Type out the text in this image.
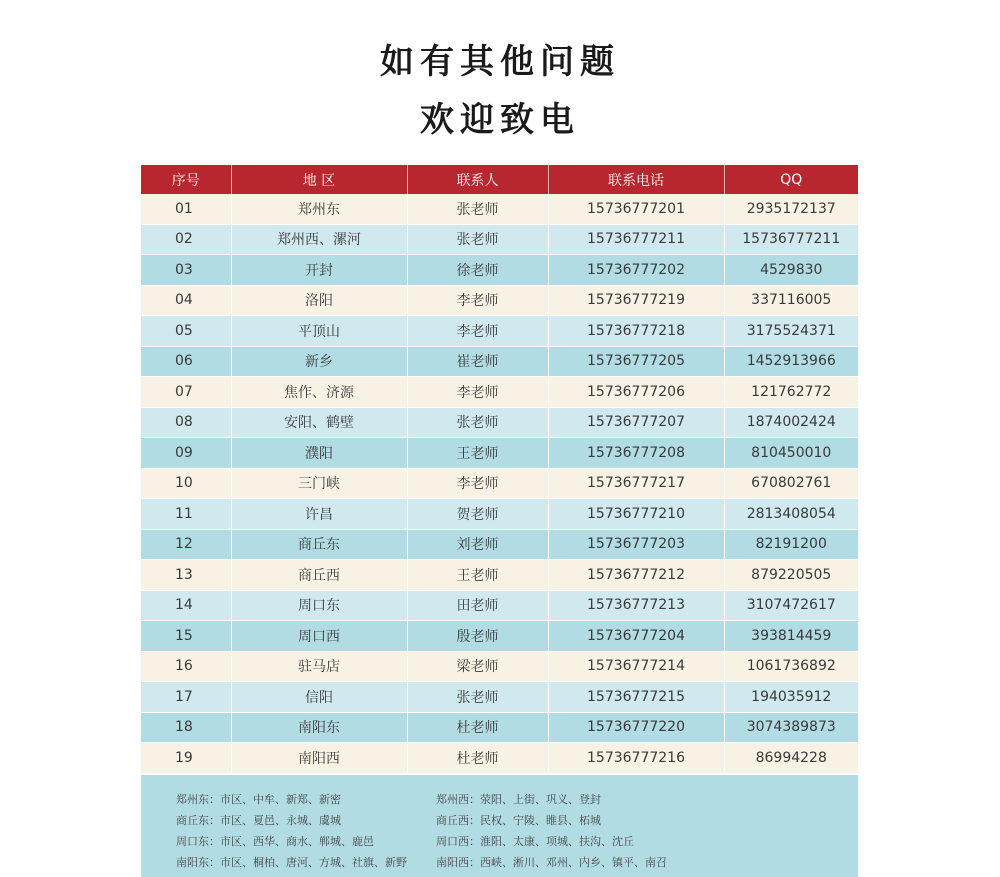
如有其他问题
欢迎致电
序号	地 区	联系人	联系电话	QQ
01	郑州东	张老师	15736777201	2935172137
02	郑州西、漯河	张老师	15736777211	15736777211
03	开封	徐老师	15736777202	4529830
04	洛阳	李老师	15736777219	337116005
05	平顶山	李老师	15736777218	3175524371
06	新乡	崔老师	15736777205	1452913966
07	焦作、济源	李老师	15736777206	121762772
08	安阳、鹤壁	张老师	15736777207	1874002424
09	濮阳	王老师	15736777208	810450010
10	三门峡	李老师	15736777217	670802761
11	许昌	贺老师	15736777210	2813408054
12	商丘东	刘老师	15736777203	82191200
13	商丘西	王老师	15736777212	879220505
14	周口东	田老师	15736777213	3107472617
15	周口西	殷老师	15736777204	393814459
16	驻马店	梁老师	15736777214	1061736892
17	信阳	张老师	15736777215	194035912
18	南阳东	杜老师	15736777220	3074389873
19	南阳西	杜老师	15736777216	86994228
郑州东：市区、中牟、新郑、新密
商丘东：市区、夏邑、永城、虞城
周口东：市区、西华、商水、郸城、鹿邑
南阳东：市区、桐柏、唐河、方城、社旗、新野
郑州西：荥阳、上街、巩义、登封
商丘西：民权、宁陵、睢县、柘城
周口西：淮阳、太康、项城、扶沟、沈丘
南阳西：西峡、淅川、邓州、内乡、镇平、南召
